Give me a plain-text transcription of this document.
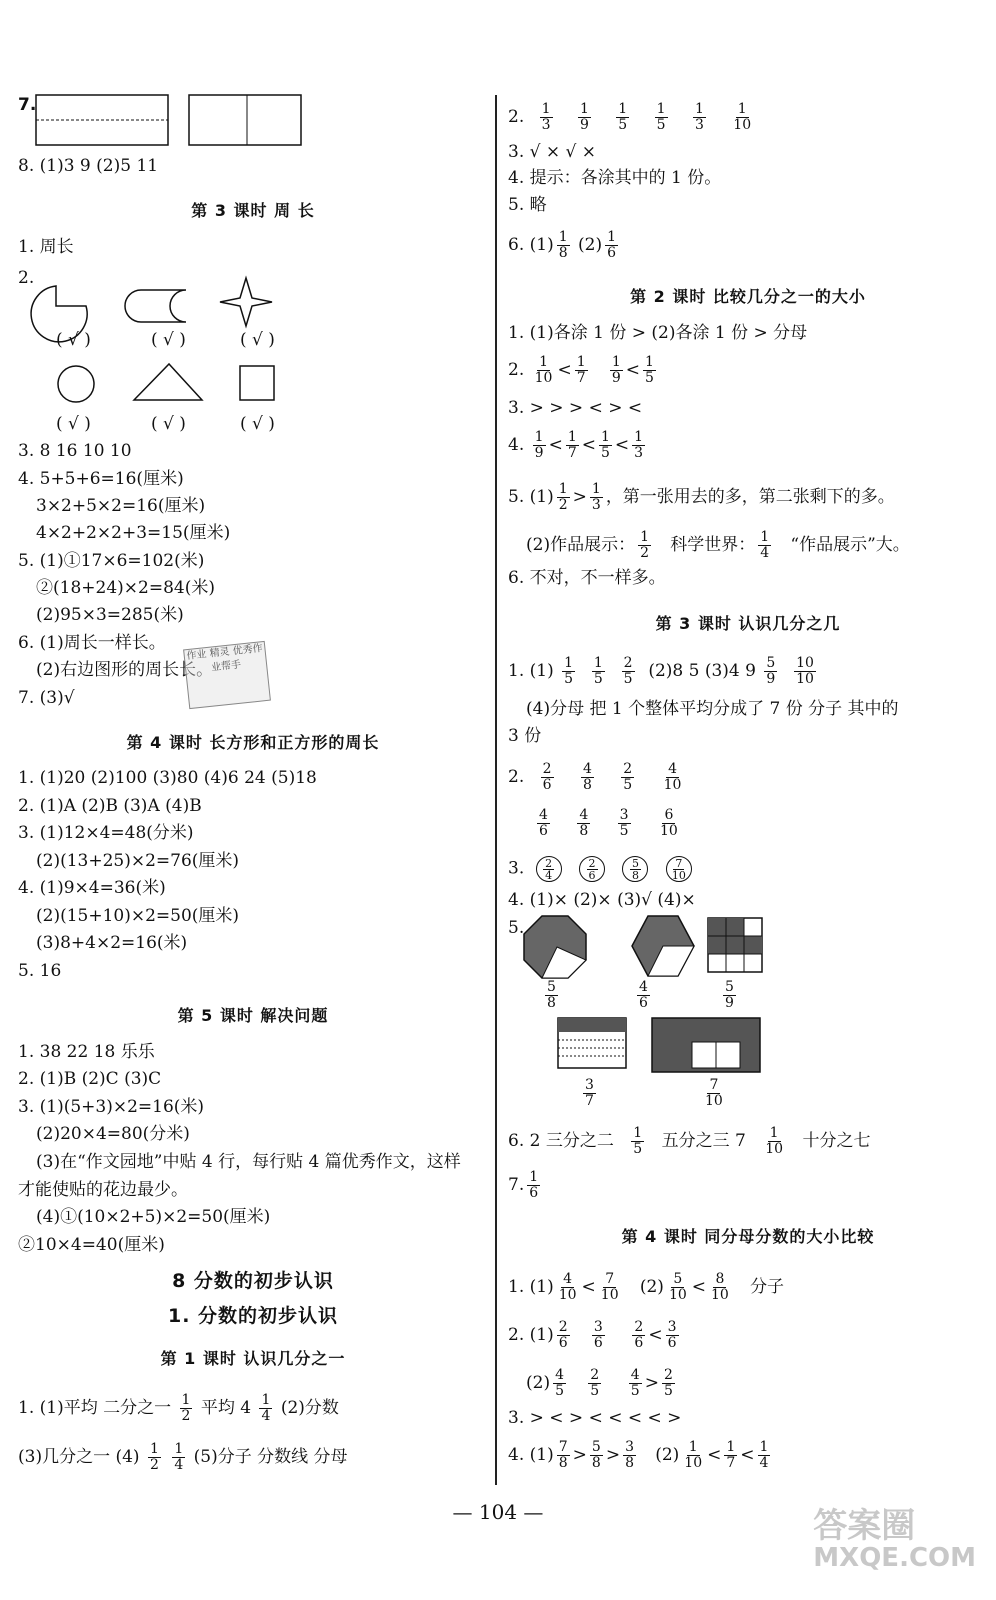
7.
8. (1)3 9 (2)5 11
第 3 课时 周 长
1. 周长
2.
( √ )	( √ )	( √ )
( √ )	( √ )	( √ )
3. 8 16 10 10
4. 5+5+6=16(厘米)
3×2+5×2=16(厘米)
4×2+2×2+3=15(厘米)
5. (1)①17×6=102(米)
②(18+24)×2=84(米)
(2)95×3=285(米)
6. (1)周长一样长。
(2)右边图形的周长长。
7. (3)√
作业 精灵 优秀作业帮手
第 4 课时 长方形和正方形的周长
1. (1)20 (2)100 (3)80 (4)6 24 (5)18
2. (1)A (2)B (3)A (4)B
3. (1)12×4=48(分米)
(2)(13+25)×2=76(厘米)
4. (1)9×4=36(米)
(2)(15+10)×2=50(厘米)
(3)8+4×2=16(米)
5. 16
第 5 课时 解决问题
1. 38 22 18 乐乐
2. (1)B (2)C (3)C
3. (1)(5+3)×2=16(米)
(2)20×4=80(分米)
(3)在“作文园地”中贴 4 行，每行贴 4 篇优秀作文，这样
才能使贴的花边最少。
(4)①(10×2+5)×2=50(厘米)
②10×4=40(厘米)
8 分数的初步认识
1. 分数的初步认识
第 1 课时 认识几分之一
1. (1)平均 二分之一 $\frac{1}{2}$ 平均 $4 \frac{1}{4} (2)$分数
(3)几分之一 $(4) \frac{1}{2}$
$\frac{1}{4} (5)$分子 分数线 分母
2. $\frac{1}{3}$
$\frac{1}{9}$
$\frac{1}{5}$
$\frac{1}{5}$
$\frac{1}{3}$
$\frac{1}{10}$
3. √ × √ ×
4. 提示：各涂其中的 1 份。
5. 略
6. $(1) \frac{1}{8} (2) \frac{1}{6}$
第 2 课时 比较几分之一的大小
1. (1)各涂 1 份 > (2)各涂 1 份 > 分母
2. $\frac{1}{10} < \frac{1}{7}$
$\frac{1}{9} < \frac{1}{5}$
3. > > > < > <
4. $\frac{1}{9} < \frac{1}{7} < \frac{1}{5} < \frac{1}{3}$
5. $(1) \frac{1}{2} > \frac{1}{3}$ ，第一张用去的多，第二张剩下的多。
(2)作品展示： $\frac{1}{2}$ 科学世界： $\frac{1}{4}$ “作品展示”大。
6. 不对，不一样多。
第 3 课时 认识几分之几
1. $(1) \frac{1}{5}$
$\frac{1}{5}$
$\frac{2}{5} (2)8$ 5 (3)4 $9 \frac{5}{9}$
$\frac{10}{10}$
(4)分母 把 1 个整体平均分成了 7 份 分子 其中的
3 份
2. $\frac{2}{6}$
$\frac{4}{8}$
$\frac{2}{5}$
$\frac{4}{10}$
$\frac{4}{6}$
$\frac{4}{8}$
$\frac{3}{5}$
$\frac{6}{10}$
3. $\frac{2}{4}$
	$\frac{2}{6}$
	$\frac{5}{8}$
	$\frac{7}{10}$
4. (1)× (2)× (3)√ (4)×
5.
$\frac{5}{8}$	$\frac{4}{6}$	$\frac{5}{9}$
$\frac{3}{7}$	$\frac{7}{10}$
6. 2 三分之二 $\frac{1}{5}$ 五分之三 $7 \frac{1}{10}$ 十分之七
7. $\frac{1}{6}$
第 4 课时 同分母分数的大小比较
1. $(1) \frac{4}{10} < \frac{7}{10} (2) \frac{5}{10} < \frac{8}{10}$ 分子
2. $(1) \frac{2}{6}$
$\frac{3}{6}$
$\frac{2}{6} < \frac{3}{6}$
$(2) \frac{4}{5}$
$\frac{2}{5}$
$\frac{4}{5} > \frac{2}{5}$
3. > < > < < < < >
4. $(1) \frac{7}{8} > \frac{5}{8} > \frac{3}{8} (2) \frac{1}{10} < \frac{1}{7} < \frac{1}{4}$
— 104 —	答案圈
MXQE.COM
